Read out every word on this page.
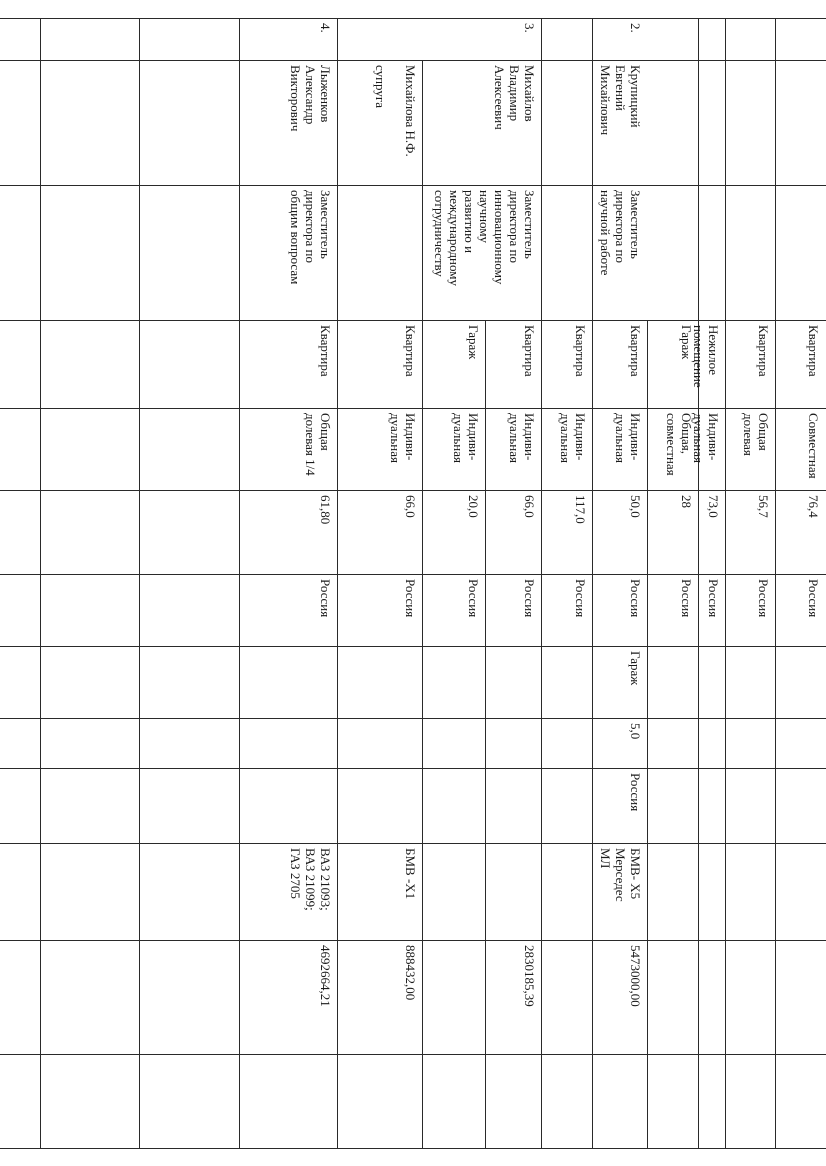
Квартира
Совместная
76,4
Россия
Квартира
Общая
долевая
56,7
Россия
Нежилое
помещение
Индиви-
дуальная
73,0
Россия
Гараж
Общая,
совместная
28
Россия
2.
Крупицкий
Евгений
Михайлович
Заместитель
директора по
научной работе
Квартира
Индиви-
дуальная
50,0
Россия
Гараж
5,0
Россия
БМВ- Х5
Мерседес
МЛ
5473000,00
Квартира
Индиви-
дуальная
117,0
Россия
3.
Михайлов
Владимир
Алексеевич
Заместитель
директора по
инновационному
научному
развитию и
международному
сотрудничеству
Квартира
Индиви-
дуальная
66,0
Россия
2830185,39
Гараж
Индиви-
дуальная
20,0
Россия
Михайлова Н.Ф.

супруга
Квартира
Индиви-
дуальная
66,0
Россия
БМВ -Х1
888432,00
4.
Лыженков
Александр
Викторович
Заместитель
директора по
общим вопросам
Квартира
Общая
долевая 1/4
61,80
Россия
ВАЗ 21093;
ВАЗ 21099;
ГАЗ 2705
4692664,21
